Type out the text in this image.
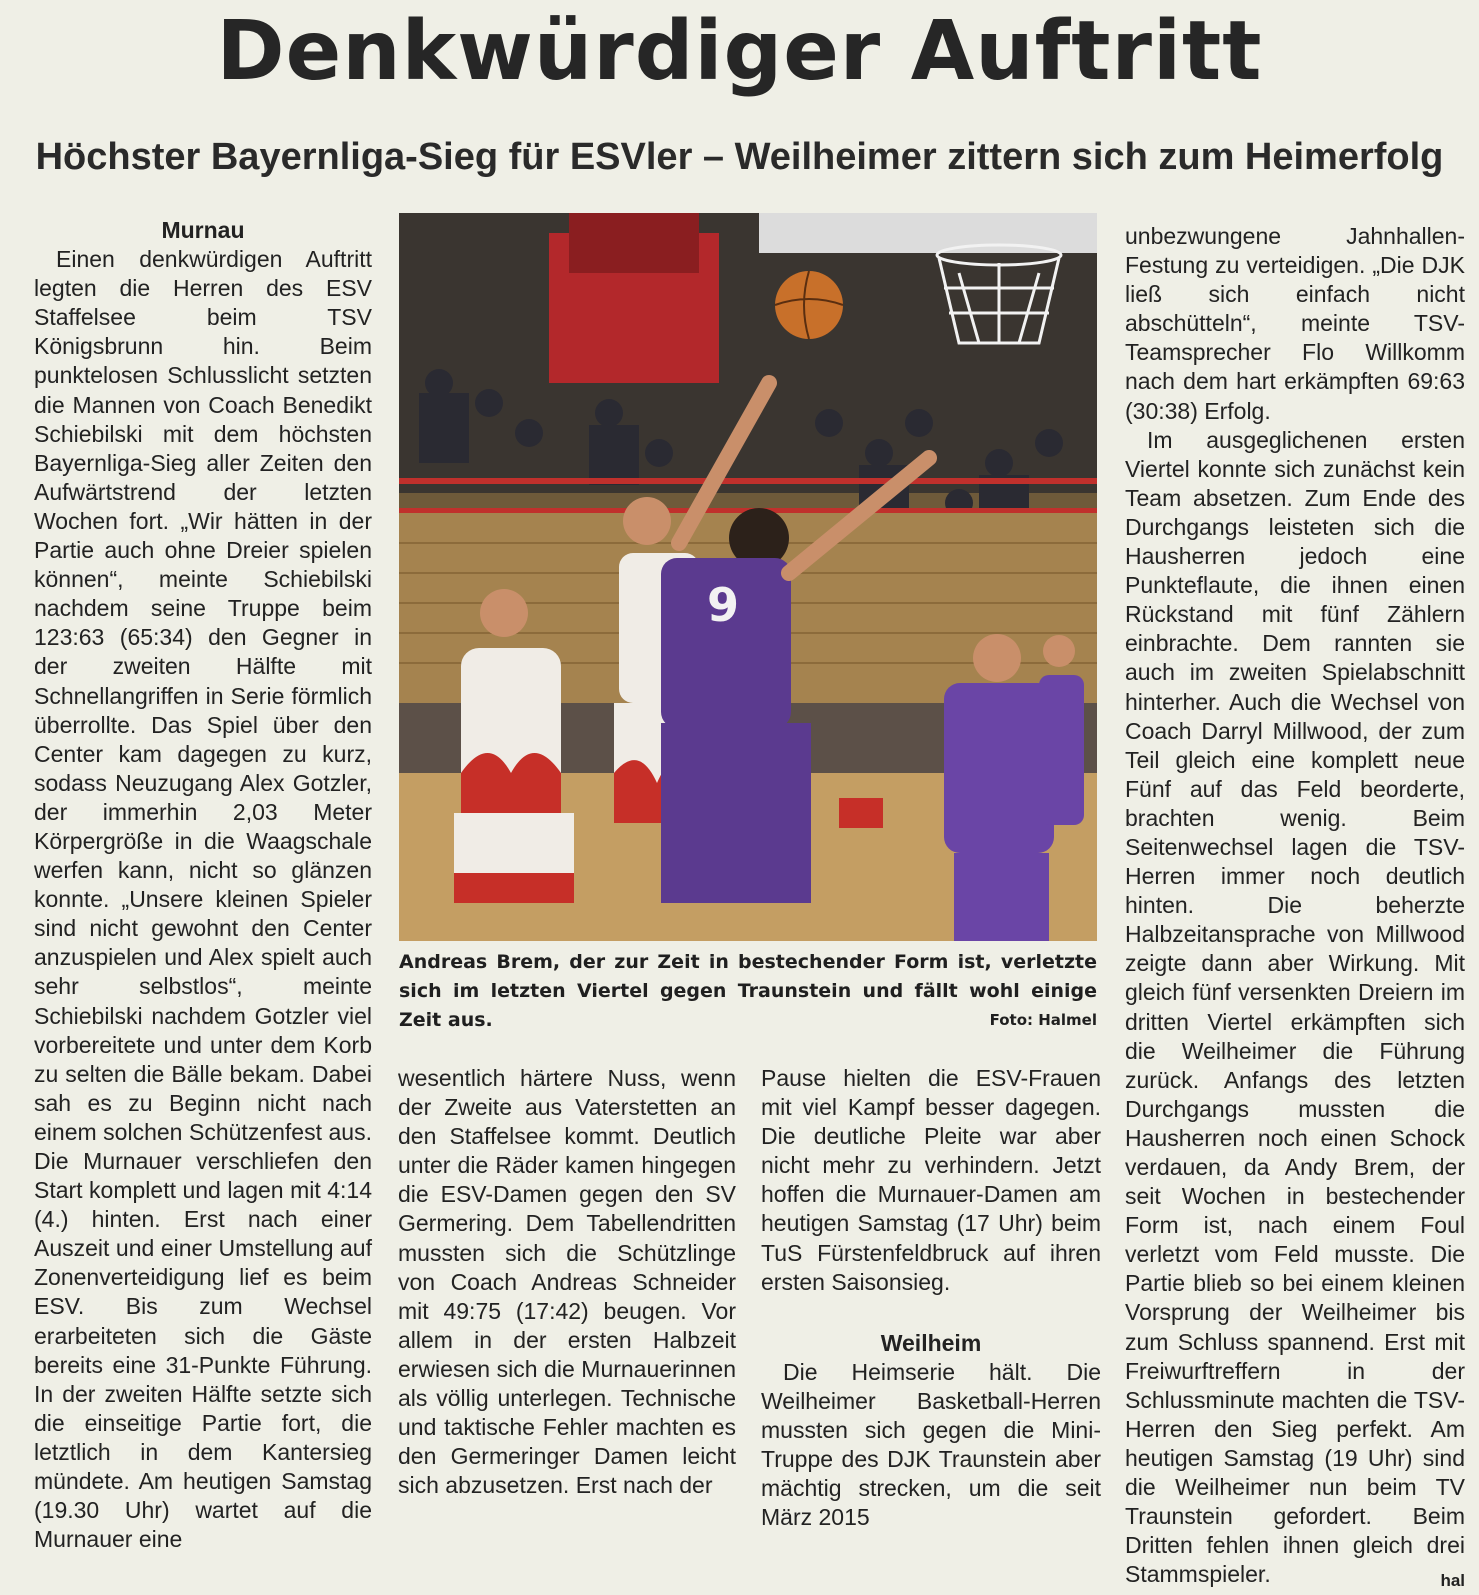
Denkwürdiger Auftritt
Höchster Bayernliga-Sieg für ESVler – Weilheimer zittern sich zum Heimerfolg

Murnau

Einen denkwürdigen Auftritt legten die Herren des ESV Staffelsee beim TSV Königsbrunn hin. Beim punktelosen Schlusslicht setzten die Mannen von Coach Benedikt Schiebilski mit dem höchsten Bayernliga-Sieg aller Zeiten den Aufwärtstrend der letzten Wochen fort. „Wir hätten in der Partie auch ohne Dreier spielen können“, meinte Schiebilski nachdem seine Truppe beim 123:63 (65:34) den Gegner in der zweiten Hälfte mit Schnellangriffen in Serie förmlich überrollte. Das Spiel über den Center kam dagegen zu kurz, sodass Neuzugang Alex Gotzler, der immerhin 2,03 Meter Körpergröße in die Waagschale werfen kann, nicht so glänzen konnte. „Unsere kleinen Spieler sind nicht gewohnt den Center anzuspielen und Alex spielt auch sehr selbstlos“, meinte Schiebilski nachdem Gotzler viel vorbereitete und unter dem Korb zu selten die Bälle bekam. Dabei sah es zu Beginn nicht nach einem solchen Schützenfest aus. Die Murnauer verschliefen den Start komplett und lagen mit 4:14 (4.) hinten. Erst nach einer Auszeit und einer Umstellung auf Zonenverteidigung lief es beim ESV. Bis zum Wechsel erarbeiteten sich die Gäste bereits eine 31-Punkte Führung. In der zweiten Hälfte setzte sich die einseitige Partie fort, die letztlich in dem Kantersieg mündete. Am heutigen Samstag (19.30 Uhr) wartet auf die Murnauer eine

9
Andreas Brem, der zur Zeit in bestechender Form ist, verletzte sich im letzten Viertel gegen Traunstein und fällt wohl einige Zeit aus.	Foto: Halmel

wesentlich härtere Nuss, wenn der Zweite aus Vaterstetten an den Staffelsee kommt. Deutlich unter die Räder kamen hingegen die ESV-Damen gegen den SV Germering. Dem Tabellendritten mussten sich die Schützlinge von Coach Andreas Schneider mit 49:75 (17:42) beugen. Vor allem in der ersten Halbzeit erwiesen sich die Murnauerinnen als völlig unterlegen. Technische und taktische Fehler machten es den Germeringer Damen leicht sich abzusetzen. Erst nach der

Pause hielten die ESV-Frauen mit viel Kampf besser dagegen. Die deutliche Pleite war aber nicht mehr zu verhindern. Jetzt hoffen die Murnauer-Damen am heutigen Samstag (17 Uhr) beim TuS Fürstenfeldbruck auf ihren ersten Saisonsieg.

Weilheim

Die Heimserie hält. Die Weilheimer Basketball-Herren mussten sich gegen die Mini-Truppe des DJK Traunstein aber mächtig strecken, um die seit März 2015

unbezwungene Jahnhallen-Festung zu verteidigen. „Die DJK ließ sich einfach nicht abschütteln“, meinte TSV-Teamsprecher Flo Willkomm nach dem hart erkämpften 69:63 (30:38) Erfolg.

Im ausgeglichenen ersten Viertel konnte sich zunächst kein Team absetzen. Zum Ende des Durchgangs leisteten sich die Hausherren jedoch eine Punkteflaute, die ihnen einen Rückstand mit fünf Zählern einbrachte. Dem rannten sie auch im zweiten Spielabschnitt hinterher. Auch die Wechsel von Coach Darryl Millwood, der zum Teil gleich eine komplett neue Fünf auf das Feld beorderte, brachten wenig. Beim Seitenwechsel lagen die TSV-Herren immer noch deutlich hinten. Die beherzte Halbzeitansprache von Millwood zeigte dann aber Wirkung. Mit gleich fünf versenkten Dreiern im dritten Viertel erkämpften sich die Weilheimer die Führung zurück. Anfangs des letzten Durchgangs mussten die Hausherren noch einen Schock verdauen, da Andy Brem, der seit Wochen in bestechender Form ist, nach einem Foul verletzt vom Feld musste. Die Partie blieb so bei einem kleinen Vorsprung der Weilheimer bis zum Schluss spannend. Erst mit Freiwurftreffern in der Schlussminute machten die TSV-Herren den Sieg perfekt. Am heutigen Samstag (19 Uhr) sind die Weilheimer nun beim TV Traunstein gefordert. Beim Dritten fehlen ihnen gleich drei Stammspieler.	hal
